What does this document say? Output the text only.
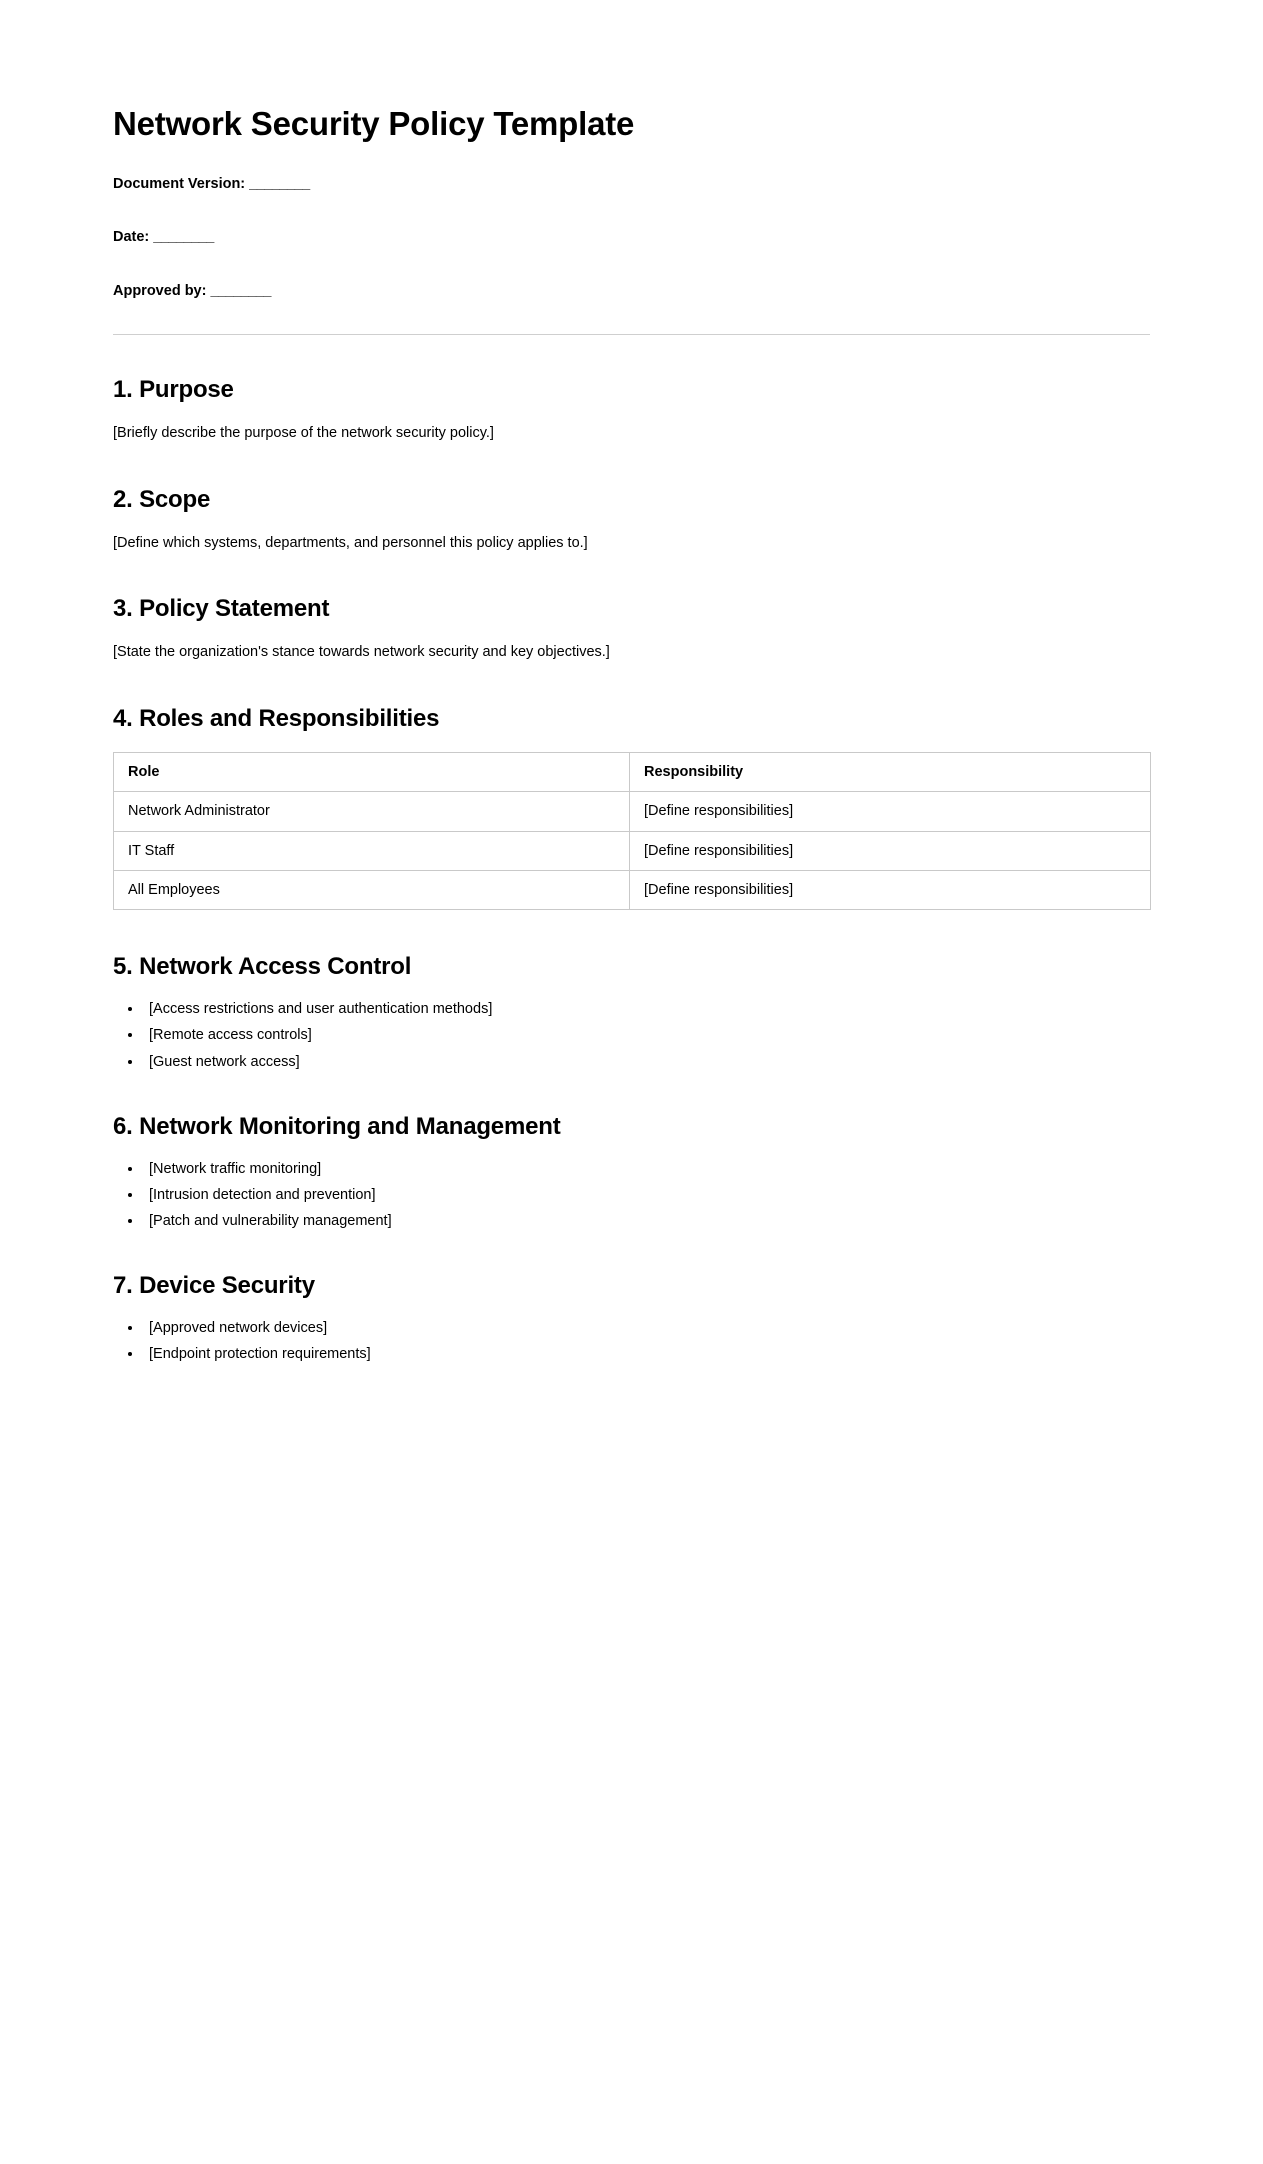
Network Security Policy Template

Document Version: ________

Date: ________

Approved by: ________

1. Purpose

[Briefly describe the purpose of the network security policy.]

2. Scope

[Define which systems, departments, and personnel this policy applies to.]

3. Policy Statement

[State the organization's stance towards network security and key objectives.]

4. Roles and Responsibilities
Role	Responsibility
Network Administrator	[Define responsibilities]
IT Staff	[Define responsibilities]
All Employees	[Define responsibilities]
5. Network Access Control
• [Access restrictions and user authentication methods]
• [Remote access controls]
• [Guest network access]
6. Network Monitoring and Management
• [Network traffic monitoring]
• [Intrusion detection and prevention]
• [Patch and vulnerability management]
7. Device Security
• [Approved network devices]
• [Endpoint protection requirements]
